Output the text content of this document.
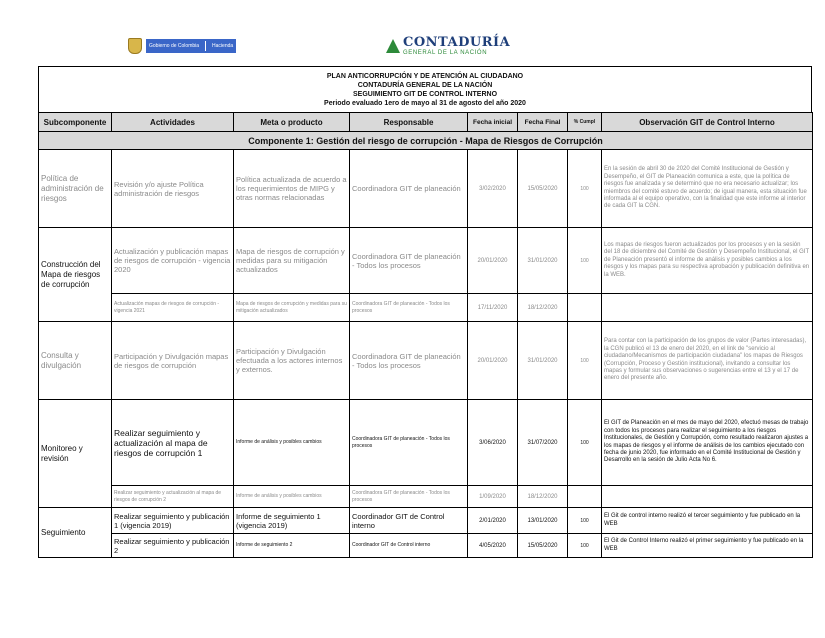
Gobierno de Colombia	Hacienda	CONTADURÍA
GENERAL DE LA NACIÓN
PLAN ANTICORRUPCIÓN Y DE ATENCIÓN AL CIUDADANO
CONTADURÍA GENERAL DE LA NACIÓN
SEGUIMIENTO GIT DE CONTROL INTERNO
Periodo evaluado 1ero de mayo al 31 de agosto del año 2020
Subcomponente	Actividades	Meta o producto	Responsable	Fecha inicial	Fecha Final	% Cumpl	Observación GIT de Control Interno
Componente 1: Gestión del riesgo de corrupción - Mapa de Riesgos de Corrupción							
Política de administración de riesgos	Revisión y/o ajuste Política administración de riesgos	Política actualizada de acuerdo a los requerimientos de MIPG y otras normas relacionadas	Coordinadora GIT de planeación	3/02/2020	15/05/2020	100	En la sesión de abril 30 de 2020 del Comité Institucional de Gestión y Desempeño, el GIT de Planeación comunica a este, que la política de riesgos fue analizada y se determinó que no era necesario actualizar; los miembros del comité estuvo de acuerdo; de igual manera, esta situación fue informada al el equipo operativo, con la finalidad que este informe al interior de cada GIT la CGN.
Construcción del Mapa de riesgos de corrupción	Actualización y publicación mapas de riesgos de corrupción - vigencia 2020	Mapa de riesgos de corrupción y medidas para su mitigación actualizados	Coordinadora GIT de planeación - Todos los procesos	20/01/2020	31/01/2020	100	Los mapas de riesgos fueron actualizados por los procesos y en la sesión del 18 de diciembre del Comité de Gestión y Desempeño Institucional, el GIT de Planeación presentó el informe de análisis y posibles cambios a los riesgos y los mapas para su respectiva aprobación y publicación definitiva en la WEB.
	Actualización mapas de riesgos de corrupción - vigencia 2021	Mapa de riesgos de corrupción y medidas para su mitigación actualizados	Coordinadora GIT de planeación - Todos los procesos	17/11/2020	18/12/2020		
Consulta y divulgación	Participación y Divulgación mapas de riesgos de corrupción	Participación y Divulgación efectuada a los actores internos y externos.	Coordinadora GIT de planeación - Todos los procesos	20/01/2020	31/01/2020	100	Para contar con la participación de los grupos de valor (Partes interesadas), la CGN publicó el 13 de enero del 2020, en el link de "servicio al ciudadano/Mecanismos de participación ciudadana" los mapas de Riesgos (Corrupción, Proceso y Gestión institucional), invitando a consultar los mapas y formular sus observaciones o sugerencias entre el 13 y el 17 de enero del presente año.
Monitoreo y revisión	Realizar seguimiento y actualización al mapa de riesgos de corrupción 1	Informe de análisis y posibles cambios	Coordinadora GIT de planeación - Todos los procesos	3/06/2020	31/07/2020	100	El GIT de Planeación en el mes de mayo del 2020, efectuó mesas de trabajo con todos los procesos para realizar el seguimiento a los riesgos Institucionales, de Gestión y Corrupción, como resultado realizaron ajustes a los mapas de riesgos y el informe de análisis de los cambios ejecutado con fecha de junio 2020, fue informado en el Comité Institucional de Gestión y Desarrollo en la sesión de Julio Acta No 6.
	Realizar seguimiento y actualización al mapa de riesgos de corrupción 2	Informe de análisis y posibles cambios	Coordinadora GIT de planeación - Todos los procesos	1/09/2020	18/12/2020		
Seguimiento	Realizar seguimiento y publicación 1 (vigencia 2019)	Informe de seguimiento 1 (vigencia 2019)	Coordinador GIT de Control interno	2/01/2020	13/01/2020	100	El Git de control interno realizó el tercer seguimiento y fue publicado en la WEB
	Realizar seguimiento y publicación 2	Informe de seguimiento 2	Coordinador GIT de Control interno	4/05/2020	15/05/2020	100	El Git de Control Interno realizó el primer seguimiento y fue publicado en la WEB
